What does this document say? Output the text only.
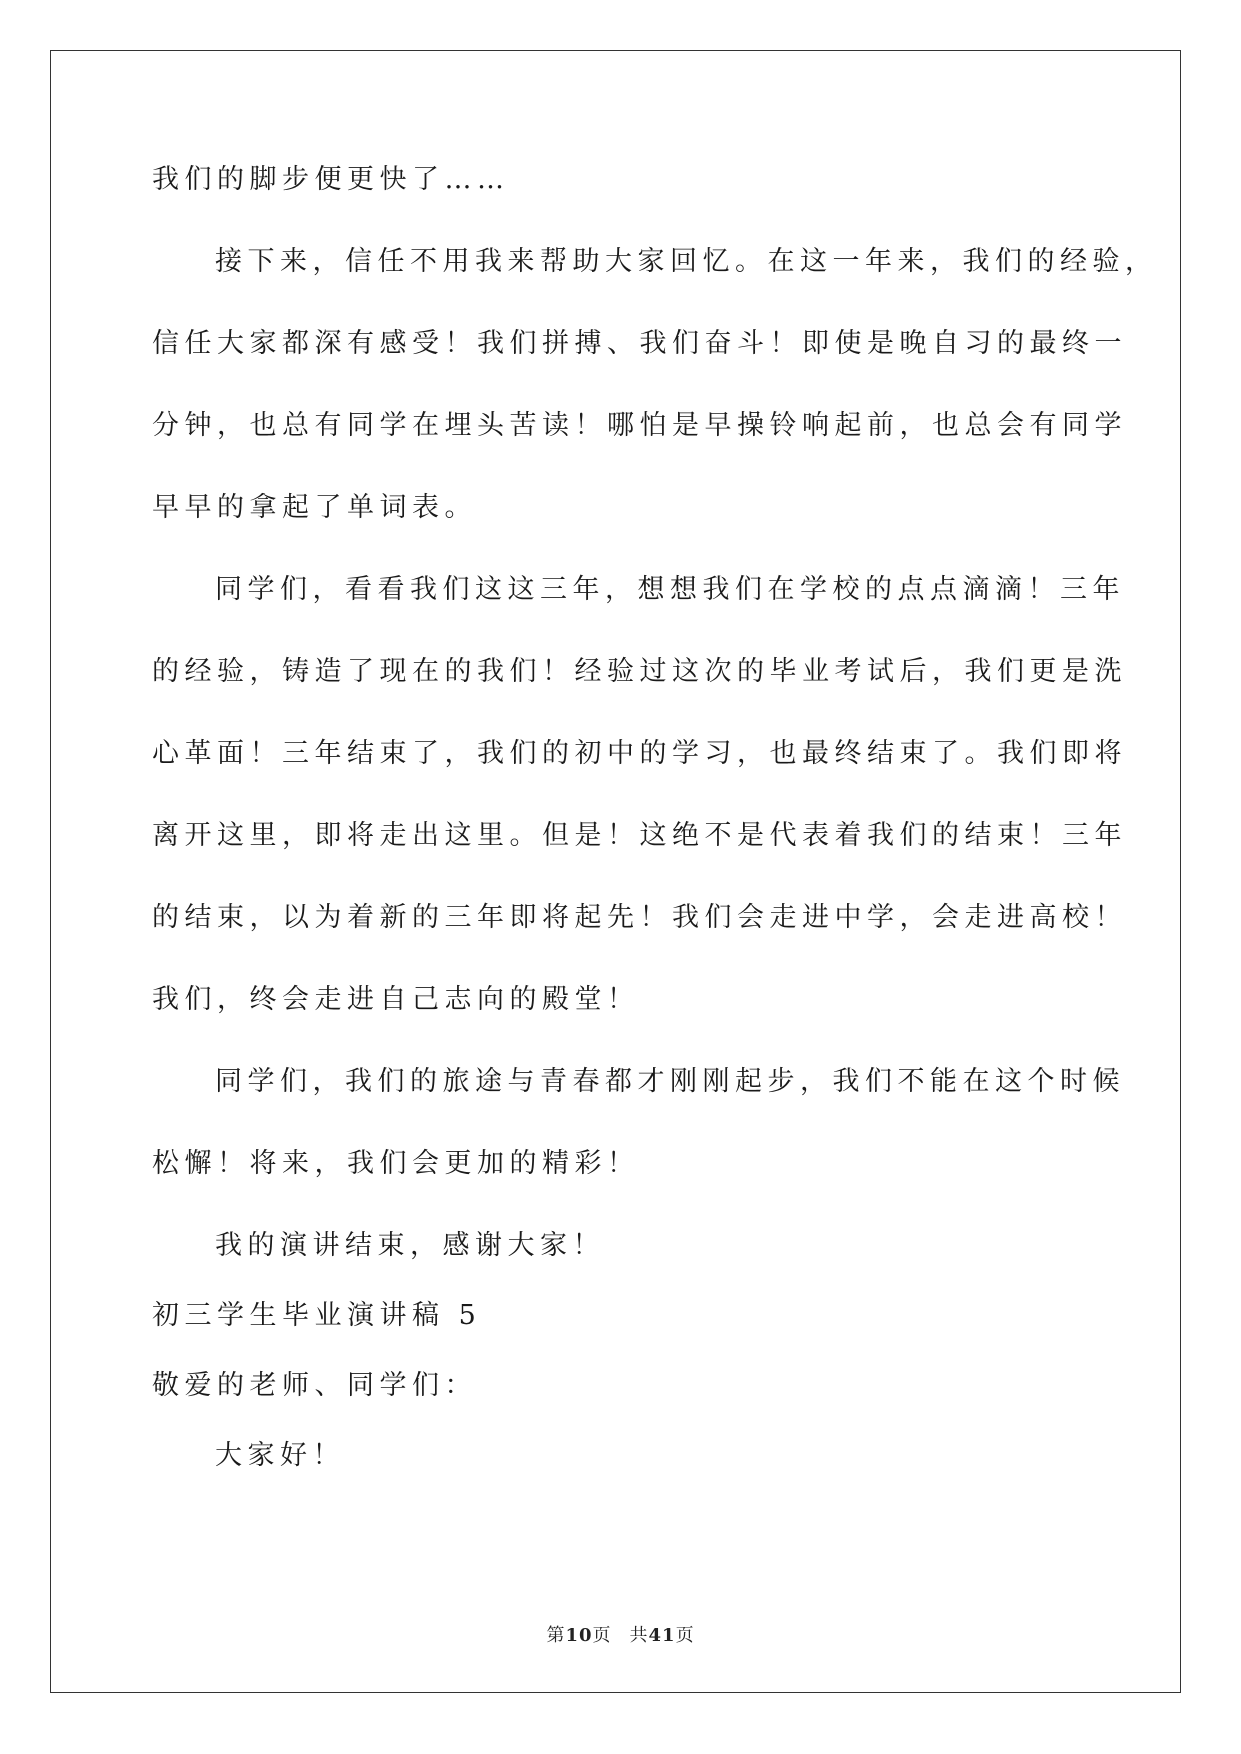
我们的脚步便更快了……
接下来，信任不用我来帮助大家回忆。在这一年来，我们的经验，
信任大家都深有感受！我们拼搏、我们奋斗！即使是晚自习的最终一
分钟，也总有同学在埋头苦读！哪怕是早操铃响起前，也总会有同学
早早的拿起了单词表。
同学们，看看我们这这三年，想想我们在学校的点点滴滴！三年
的经验，铸造了现在的我们！经验过这次的毕业考试后，我们更是洗
心革面！三年结束了，我们的初中的学习，也最终结束了。我们即将
离开这里，即将走出这里。但是！这绝不是代表着我们的结束！三年
的结束，以为着新的三年即将起先！我们会走进中学，会走进高校！
我们，终会走进自己志向的殿堂！
同学们，我们的旅途与青春都才刚刚起步，我们不能在这个时候
松懈！将来，我们会更加的精彩！
我的演讲结束，感谢大家！
初三学生毕业演讲稿 5
敬爱的老师、同学们：
大家好！
第10页 共41页
